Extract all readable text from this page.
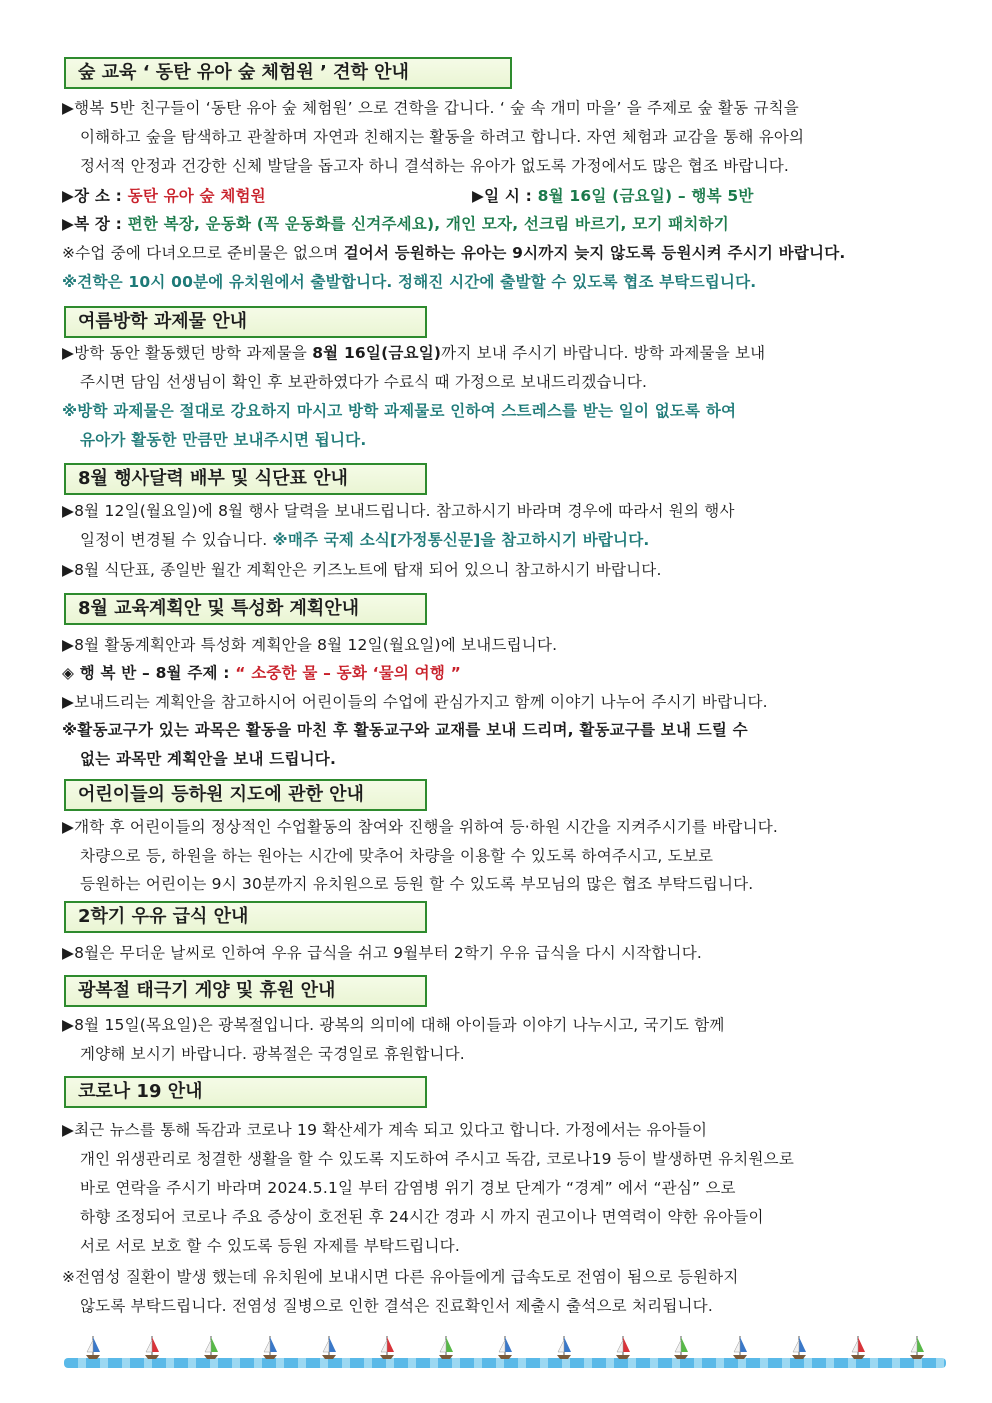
숲 교육 ‘ 동탄 유아 숲 체험원 ’ 견학 안내
▶행복 5반 친구들이 ‘동탄 유아 숲 체험원’ 으로 견학을 갑니다. ‘ 숲 속 개미 마을’ 을 주제로 숲 활동 규칙을
이해하고 숲을 탐색하고 관찰하며 자연과 친해지는 활동을 하려고 합니다. 자연 체험과 교감을 통해 유아의
정서적 안정과 건강한 신체 발달을 돕고자 하니 결석하는 유아가 없도록 가정에서도 많은 협조 바랍니다.
▶장 소 : 동탄 유아 숲 체험원	▶일 시 : 8월 16일 (금요일) – 행복 5반
▶복 장 : 편한 복장, 운동화 (꼭 운동화를 신겨주세요), 개인 모자, 선크림 바르기, 모기 패치하기
※수업 중에 다녀오므로 준비물은 없으며 걸어서 등원하는 유아는 9시까지 늦지 않도록 등원시켜 주시기 바랍니다.
※견학은 10시 00분에 유치원에서 출발합니다. 정해진 시간에 출발할 수 있도록 협조 부탁드립니다.
여름방학 과제물 안내
▶방학 동안 활동했던 방학 과제물을 8월 16일(금요일)까지 보내 주시기 바랍니다. 방학 과제물을 보내
주시면 담임 선생님이 확인 후 보관하였다가 수료식 때 가정으로 보내드리겠습니다.
※방학 과제물은 절대로 강요하지 마시고 방학 과제물로 인하여 스트레스를 받는 일이 없도록 하여
유아가 활동한 만큼만 보내주시면 됩니다.
8월 행사달력 배부 및 식단표 안내
▶8월 12일(월요일)에 8월 행사 달력을 보내드립니다. 참고하시기 바라며 경우에 따라서 원의 행사
일정이 변경될 수 있습니다. ※매주 국제 소식[가정통신문]을 참고하시기 바랍니다.
▶8월 식단표, 종일반 월간 계획안은 키즈노트에 탑재 되어 있으니 참고하시기 바랍니다.
8월 교육계획안 및 특성화 계획안내
▶8월 활동계획안과 특성화 계획안을 8월 12일(월요일)에 보내드립니다.
◈ 행 복 반 – 8월 주제 : “ 소중한 물 – 동화 ‘물의 여행 ”
▶보내드리는 계획안을 참고하시어 어린이들의 수업에 관심가지고 함께 이야기 나누어 주시기 바랍니다.
※활동교구가 있는 과목은 활동을 마친 후 활동교구와 교재를 보내 드리며, 활동교구를 보내 드릴 수
없는 과목만 계획안을 보내 드립니다.
어린이들의 등하원 지도에 관한 안내
▶개학 후 어린이들의 정상적인 수업활동의 참여와 진행을 위하여 등·하원 시간을 지켜주시기를 바랍니다.
차량으로 등, 하원을 하는 원아는 시간에 맞추어 차량을 이용할 수 있도록 하여주시고, 도보로
등원하는 어린이는 9시 30분까지 유치원으로 등원 할 수 있도록 부모님의 많은 협조 부탁드립니다.
2학기 우유 급식 안내
▶8월은 무더운 날씨로 인하여 우유 급식을 쉬고 9월부터 2학기 우유 급식을 다시 시작합니다.
광복절 태극기 게양 및 휴원 안내
▶8월 15일(목요일)은 광복절입니다. 광복의 의미에 대해 아이들과 이야기 나누시고, 국기도 함께
게양해 보시기 바랍니다. 광복절은 국경일로 휴원합니다.
코로나 19 안내
▶최근 뉴스를 통해 독감과 코로나 19 확산세가 계속 되고 있다고 합니다. 가정에서는 유아들이
개인 위생관리로 청결한 생활을 할 수 있도록 지도하여 주시고 독감, 코로나19 등이 발생하면 유치원으로
바로 연락을 주시기 바라며 2024.5.1일 부터 감염병 위기 경보 단계가 “경계” 에서 “관심” 으로
하향 조정되어 코로나 주요 증상이 호전된 후 24시간 경과 시 까지 권고이나 면역력이 약한 유아들이
서로 서로 보호 할 수 있도록 등원 자제를 부탁드립니다.
※전염성 질환이 발생 했는데 유치원에 보내시면 다른 유아들에게 급속도로 전염이 됨으로 등원하지
않도록 부탁드립니다. 전염성 질병으로 인한 결석은 진료확인서 제출시 출석으로 처리됩니다.
